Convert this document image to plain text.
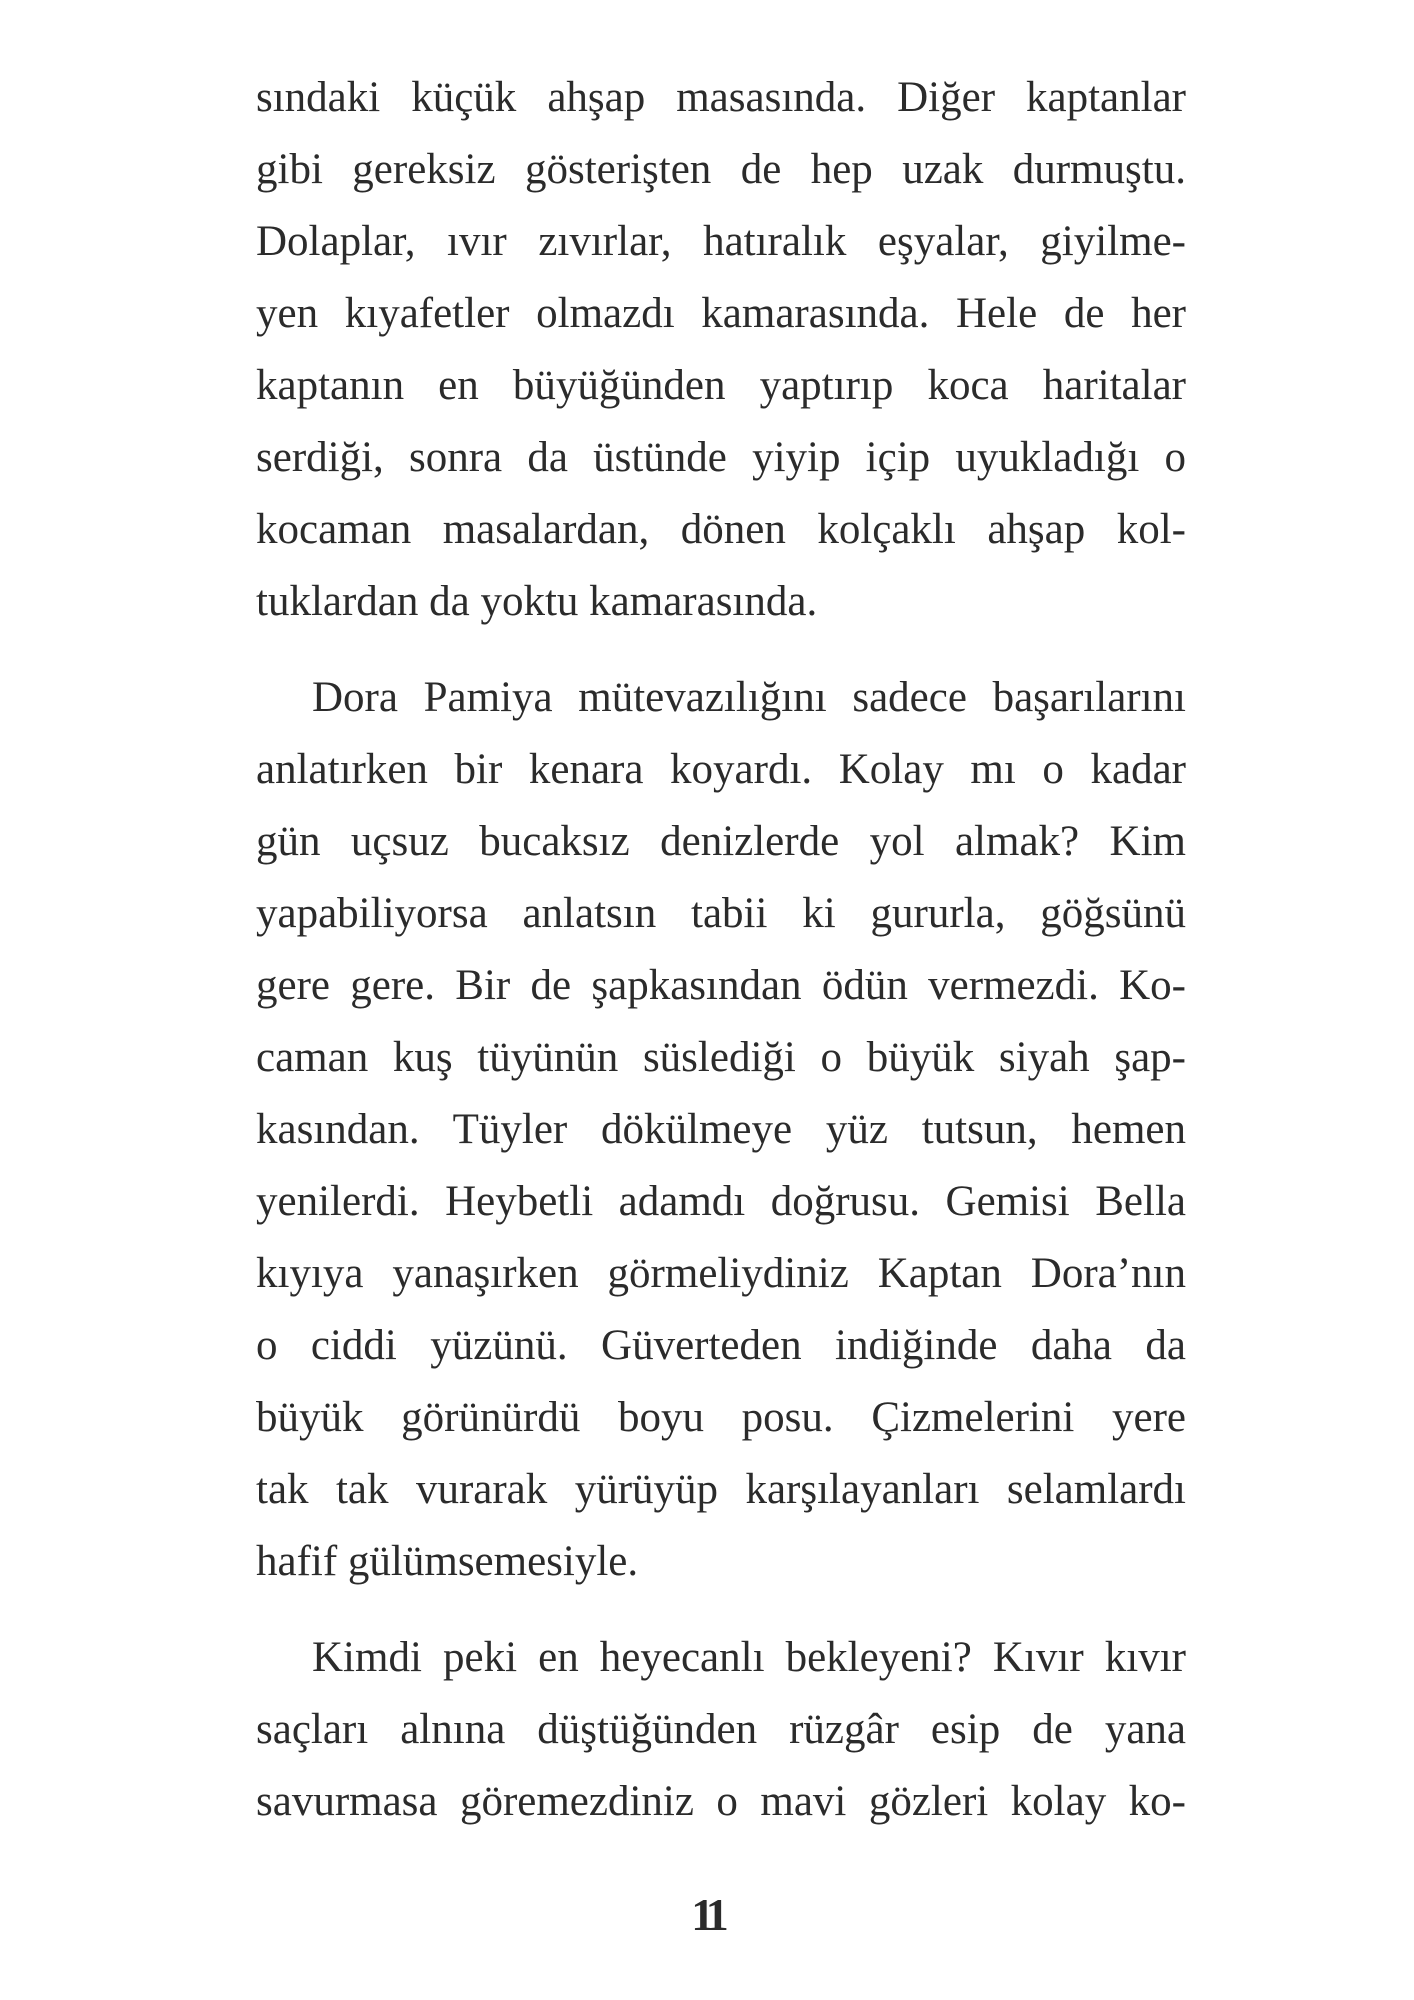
sındaki küçük ahşap masasında. Diğer kaptanlar
gibi gereksiz gösterişten de hep uzak durmuştu.
Dolaplar, ıvır zıvırlar, hatıralık eşyalar, giyilme-
yen kıyafetler olmazdı kamarasında. Hele de her
kaptanın en büyüğünden yaptırıp koca haritalar
serdiği, sonra da üstünde yiyip içip uyukladığı o
kocaman masalardan, dönen kolçaklı ahşap kol-
tuklardan da yoktu kamarasında.

Dora Pamiya mütevazılığını sadece başarılarını
anlatırken bir kenara koyardı. Kolay mı o kadar
gün uçsuz bucaksız denizlerde yol almak? Kim
yapabiliyorsa anlatsın tabii ki gururla, göğsünü
gere gere. Bir de şapkasından ödün vermezdi. Ko-
caman kuş tüyünün süslediği o büyük siyah şap-
kasından. Tüyler dökülmeye yüz tutsun, hemen
yenilerdi. Heybetli adamdı doğrusu. Gemisi Bella
kıyıya yanaşırken görmeliydiniz Kaptan Dora’nın
o ciddi yüzünü. Güverteden indiğinde daha da
büyük görünürdü boyu posu. Çizmelerini yere
tak tak vurarak yürüyüp karşılayanları selamlardı
hafif gülümsemesiyle.

Kimdi peki en heyecanlı bekleyeni? Kıvır kıvır
saçları alnına düştüğünden rüzgâr esip de yana
savurmasa göremezdiniz o mavi gözleri kolay ko-

11
